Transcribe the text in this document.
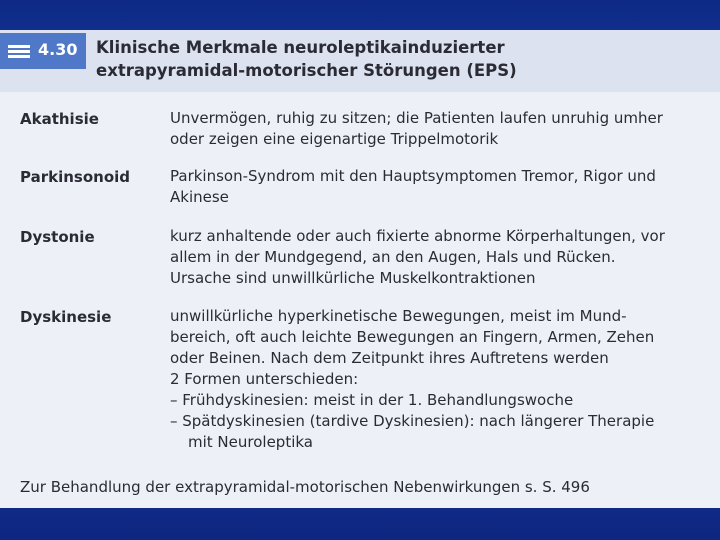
4.30 Klinische Merkmale neuroleptikainduzierter
extrapyramidal-motorischer Störungen (EPS)
Akathisie	Unvermögen, ruhig zu sitzen; die Patienten laufen unruhig umher
oder zeigen eine eigenartige Trippelmotorik
Parkinsonoid	Parkinson-Syndrom mit den Hauptsymptomen Tremor, Rigor und
Akinese
Dystonie	kurz anhaltende oder auch fixierte abnorme Körperhaltungen, vor
allem in der Mundgegend, an den Augen, Hals und Rücken.
Ursache sind unwillkürliche Muskelkontraktionen
Dyskinesie	unwillkürliche hyperkinetische Bewegungen, meist im Mund-
bereich, oft auch leichte Bewegungen an Fingern, Armen, Zehen
oder Beinen. Nach dem Zeitpunkt ihres Auftretens werden
2 Formen unterschieden:
– Frühdyskinesien: meist in der 1. Behandlungswoche
– Spätdyskinesien (tardive Dyskinesien): nach längerer Therapie
mit Neuroleptika
Zur Behandlung der extrapyramidal-motorischen Nebenwirkungen s. S. 496
